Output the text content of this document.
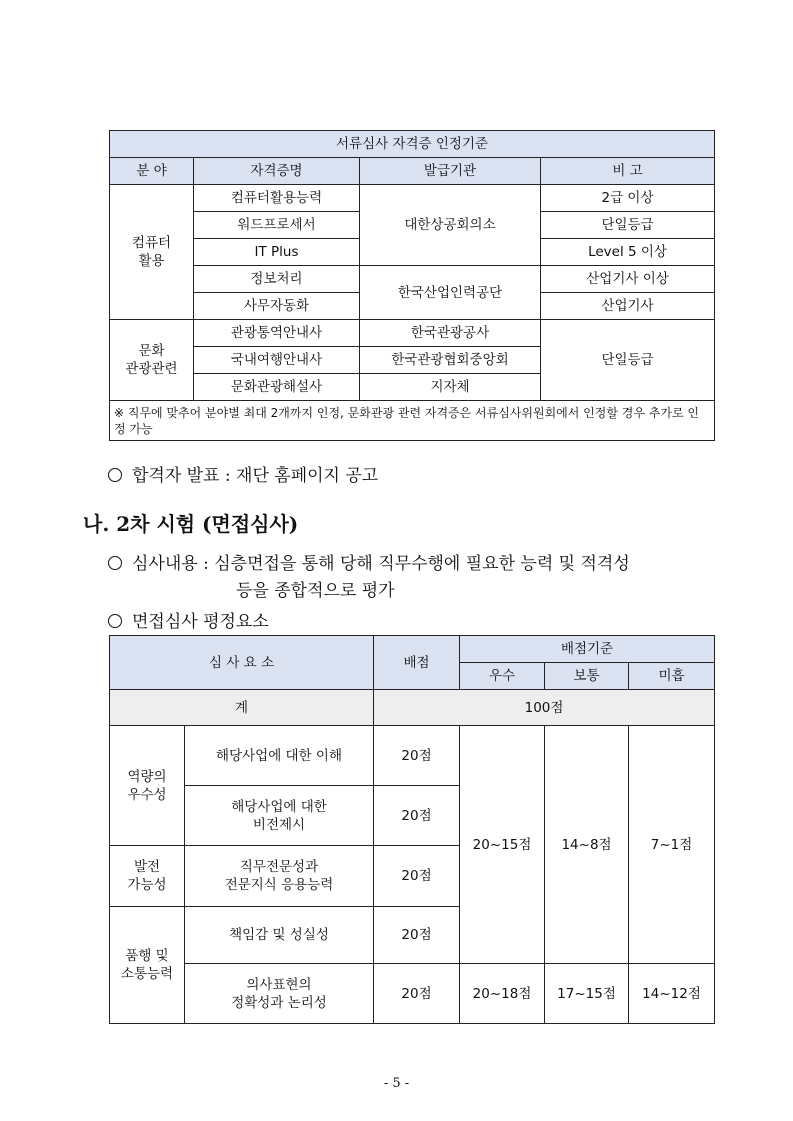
서류심사 자격증 인정기준			
분 야	자격증명	발급기관	비 고
컴퓨터
활용	컴퓨터활용능력	대한상공회의소	2급 이상
	워드프로세서		단일등급
	IT Plus		Level 5 이상
	정보처리	한국산업인력공단	산업기사 이상
	사무자동화		산업기사
문화
관광관련	관광통역안내사	한국관광공사	단일등급
	국내여행안내사	한국관광협회중앙회	
	문화관광해설사	지자체	
※ 직무에 맞추어 분야별 최대 2개까지 인정, 문화관광 관련 자격증은 서류심사위원회에서 인정할 경우 추가로 인정 가능			
합격자 발표 : 재단 홈페이지 공고
나. 2차 시험 (면접심사)
심사내용 : 심층면접을 통해 당해 직무수행에 필요한 능력 및 적격성
등을 종합적으로 평가
면접심사 평정요소
심 사 요 소		배점	배점기준		
			우수	보통	미흡
계		100점			
역량의
우수성	해당사업에 대한 이해	20점	20~15점	14~8점	7~1점
	해당사업에 대한
비전제시	20점			
발전
가능성	직무전문성과
전문지식 응용능력	20점			
품행 및
소통능력	책임감 및 성실성	20점			
	의사표현의
정확성과 논리성	20점	20~18점	17~15점	14~12점
- 5 -
